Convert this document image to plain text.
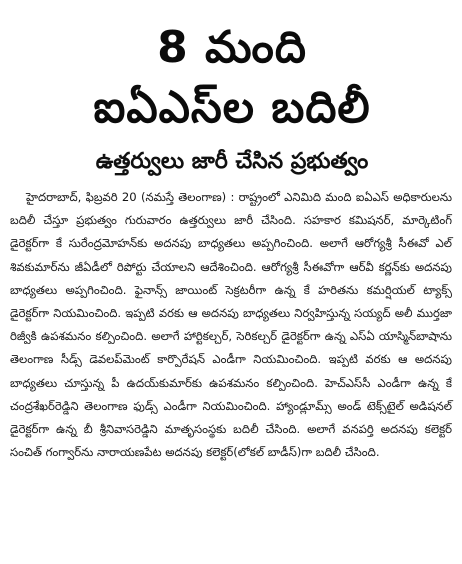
8 మంది
ఐఏఎస్‌ల బదిలీ
ఉత్తర్వులు జారీ చేసిన ప్రభుత్వం

హైదరాబాద్, ఫిబ్రవరి 20 (నమస్తే తెలంగాణ) : రాష్ట్రంలో ఎనిమిది మంది ఐఏఎస్ అధికారులను బదిలీ చేస్తూ ప్రభుత్వం గురువారం ఉత్తర్వులు జారీ చేసింది. సహకార కమిషనర్, మార్కెటింగ్ డైరెక్టర్‌గా కే సురేంద్రమోహన్‌కు అదనపు బాధ్యతలు అప్పగించింది. అలాగే ఆరోగ్యశ్రీ సీఈవో ఎల్ శివకుమార్‌ను జీఏడీలో రిపోర్టు చేయాలని ఆదేశించింది. ఆరోగ్యశ్రీ సీఈవోగా ఆర్‌వీ కర్ణన్‌కు అదనపు బాధ్యతలు అప్పగించింది. ఫైనాన్స్ జాయింట్ సెక్రటరీగా ఉన్న కే హరితను కమర్షియల్ ట్యాక్స్ డైరెక్టర్‌గా నియమించింది. ఇప్పటి వరకు ఆ అదనపు బాధ్యతలు నిర్వహిస్తున్న సయ్యద్ అలీ ముర్తజా రిజ్వీకి ఉపశమనం కల్పించింది. అలాగే హార్టికల్చర్, సెరికల్చర్ డైరెక్టర్‌గా ఉన్న ఎస్‌ఏ యాస్మిన్‌బాషాను తెలంగాణ సీడ్స్ డెవలప్‌మెంట్ కార్పొరేషన్ ఎండీగా నియమించింది. ఇప్పటి వరకు ఆ అదనపు బాధ్యతలు చూస్తున్న పీ ఉదయ్‌కుమార్‌కు ఉపశమనం కల్పించింది. హెచ్‌ఎస్‌సీ ఎండీగా ఉన్న కే చంద్రశేఖర్‌రెడ్డిని తెలంగాణ ఫుడ్స్ ఎండీగా నియమించింది. హ్యాండ్లూమ్స్ అండ్ టెక్స్‌టైల్ అడిషనల్ డైరెక్టర్‌గా ఉన్న బీ శ్రీనివాసరెడ్డిని మాతృసంస్థకు బదిలీ చేసింది. అలాగే వనపర్తి అదనపు కలెక్టర్ సంచిత్ గంగ్వార్‌ను నారాయణపేట అదనపు కలెక్టర్(లోకల్ బాడీస్)గా బదిలీ చేసింది.
